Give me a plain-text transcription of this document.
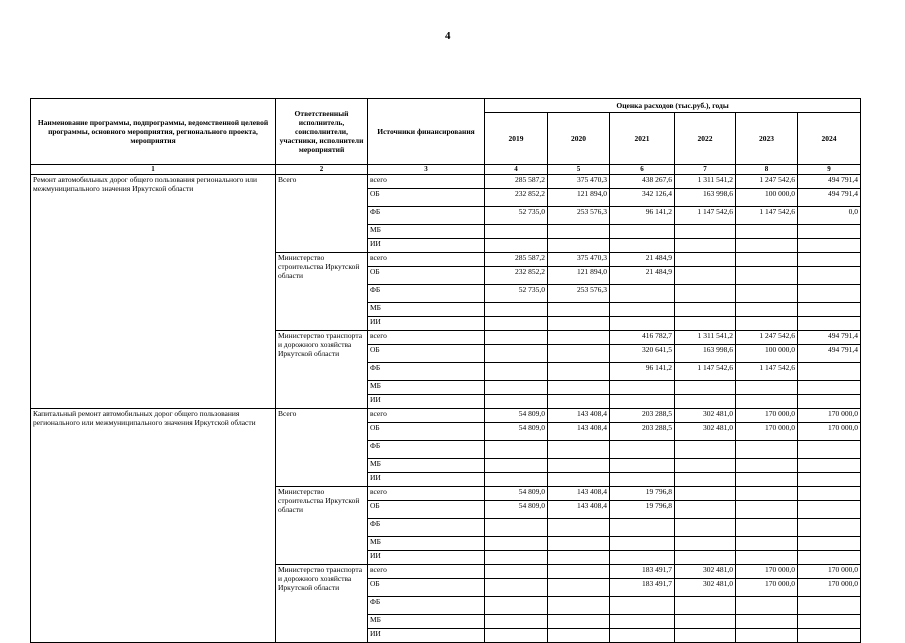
4
Наименование программы, подпрограммы, ведомственной целевой программы, основного мероприятия, регионального проекта, мероприятия	Ответственный исполнитель, соисполнители, участники, исполнители мероприятий	Источники финансирования	Оценка расходов (тыс.руб.), годы					
			2019	2020	2021	2022	2023	2024
1	2	3	4	5	6	7	8	9
Ремонт автомобильных дорог общего пользования регионального или межмуниципального значения Иркутской области	Всего	всего	285 587,2	375 470,3	438 267,6	1 311 541,2	1 247 542,6	494 791,4
		ОБ	232 852,2	121 894,0	342 126,4	163 998,6	100 000,0	494 791,4
		ФБ	52 735,0	253 576,3	96 141,2	1 147 542,6	1 147 542,6	0,0
		МБ						
		ИИ						
	Министерство строительства Иркутской области	всего	285 587,2	375 470,3	21 484,9			
		ОБ	232 852,2	121 894,0	21 484,9			
		ФБ	52 735,0	253 576,3				
		МБ						
		ИИ						
	Министерство транспорта и дорожного хозяйства Иркутской области	всего			416 782,7	1 311 541,2	1 247 542,6	494 791,4
		ОБ			320 641,5	163 998,6	100 000,0	494 791,4
		ФБ			96 141,2	1 147 542,6	1 147 542,6	
		МБ						
		ИИ						
Капитальный ремонт автомобильных дорог общего пользования регионального или межмуниципального значения Иркутской области	Всего	всего	54 809,0	143 408,4	203 288,5	302 481,0	170 000,0	170 000,0
		ОБ	54 809,0	143 408,4	203 288,5	302 481,0	170 000,0	170 000,0
		ФБ						
		МБ						
		ИИ						
	Министерство строительства Иркутской области	всего	54 809,0	143 408,4	19 796,8			
		ОБ	54 809,0	143 408,4	19 796,8			
		ФБ						
		МБ						
		ИИ						
	Министерство транспорта и дорожного хозяйства Иркутской области	всего			183 491,7	302 481,0	170 000,0	170 000,0
		ОБ			183 491,7	302 481,0	170 000,0	170 000,0
		ФБ						
		МБ						
		ИИ						
